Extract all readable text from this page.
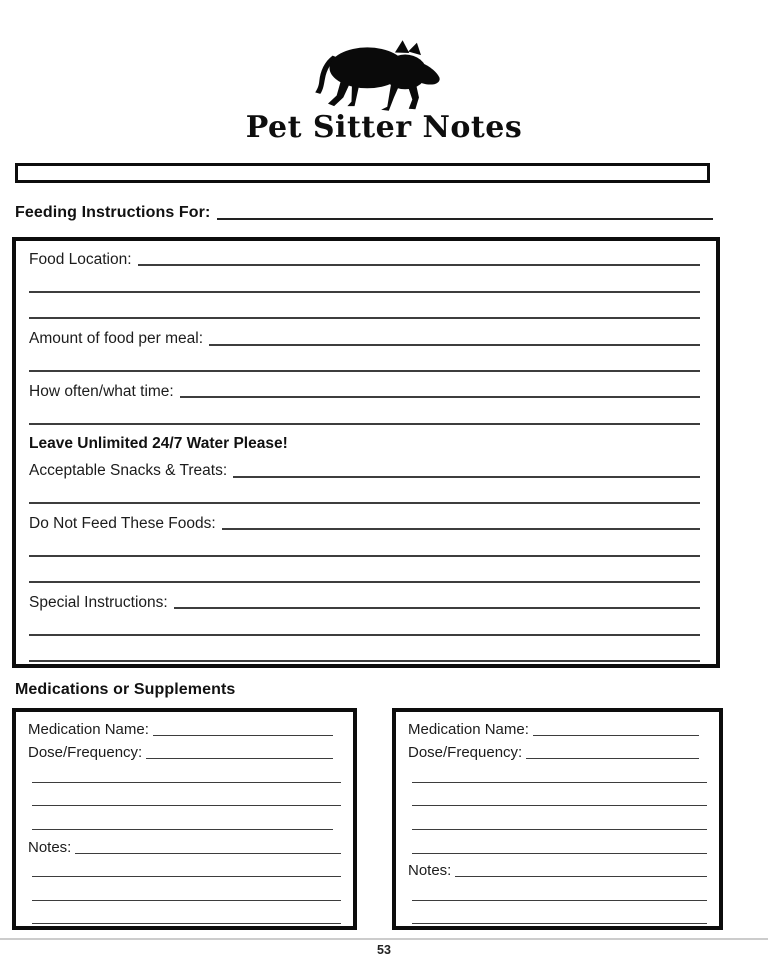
Pet Sitter Notes
Feeding Instructions For:
Food Location:
Amount of food per meal:
How often/what time:
Leave Unlimited 24/7 Water Please!
Acceptable Snacks & Treats:
Do Not Feed These Foods:
Special Instructions:
Medications or Supplements
Medication Name:
Dose/Frequency:
Notes:
Medication Name:
Dose/Frequency:
Notes:
53
